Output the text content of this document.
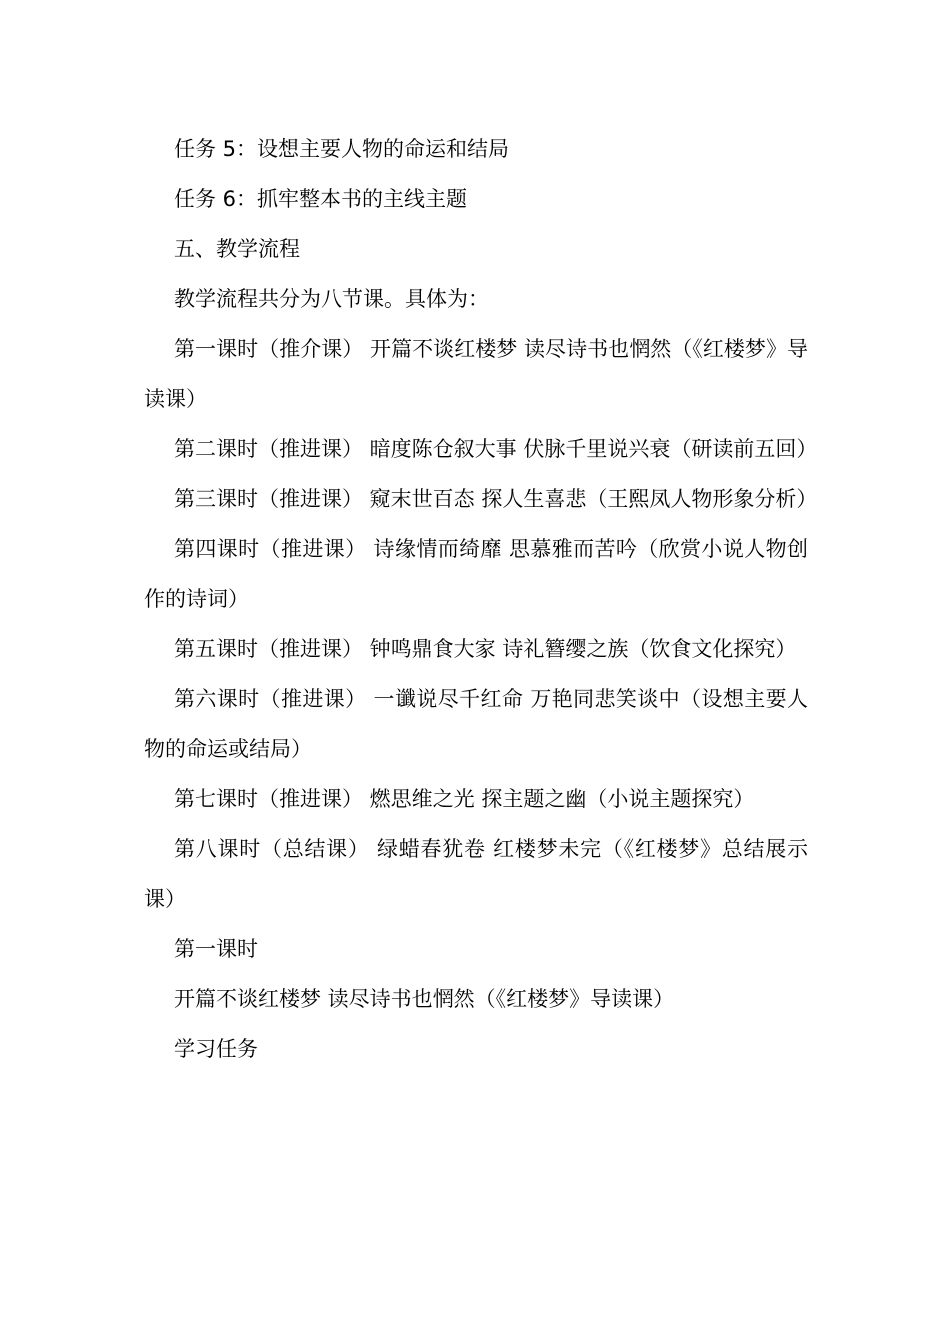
任务 5：设想主要人物的命运和结局

任务 6：抓牢整本书的主线主题

五、教学流程

教学流程共分为八节课。具体为：

第一课时（推介课） 开篇不谈红楼梦 读尽诗书也惘然（《红楼梦》导读课）

第二课时（推进课） 暗度陈仓叙大事 伏脉千里说兴衰（研读前五回）

第三课时（推进课） 窥末世百态 探人生喜悲（王熙凤人物形象分析）

第四课时（推进课） 诗缘情而绮靡 思慕雅而苦吟（欣赏小说人物创作的诗词）

第五课时（推进课） 钟鸣鼎食大家 诗礼簪缨之族（饮食文化探究）

第六课时（推进课） 一谶说尽千红命 万艳同悲笑谈中（设想主要人物的命运或结局）

第七课时（推进课） 燃思维之光 探主题之幽（小说主题探究）

第八课时（总结课） 绿蜡春犹卷 红楼梦未完（《红楼梦》总结展示课）

第一课时

开篇不谈红楼梦 读尽诗书也惘然（《红楼梦》导读课）

学习任务
